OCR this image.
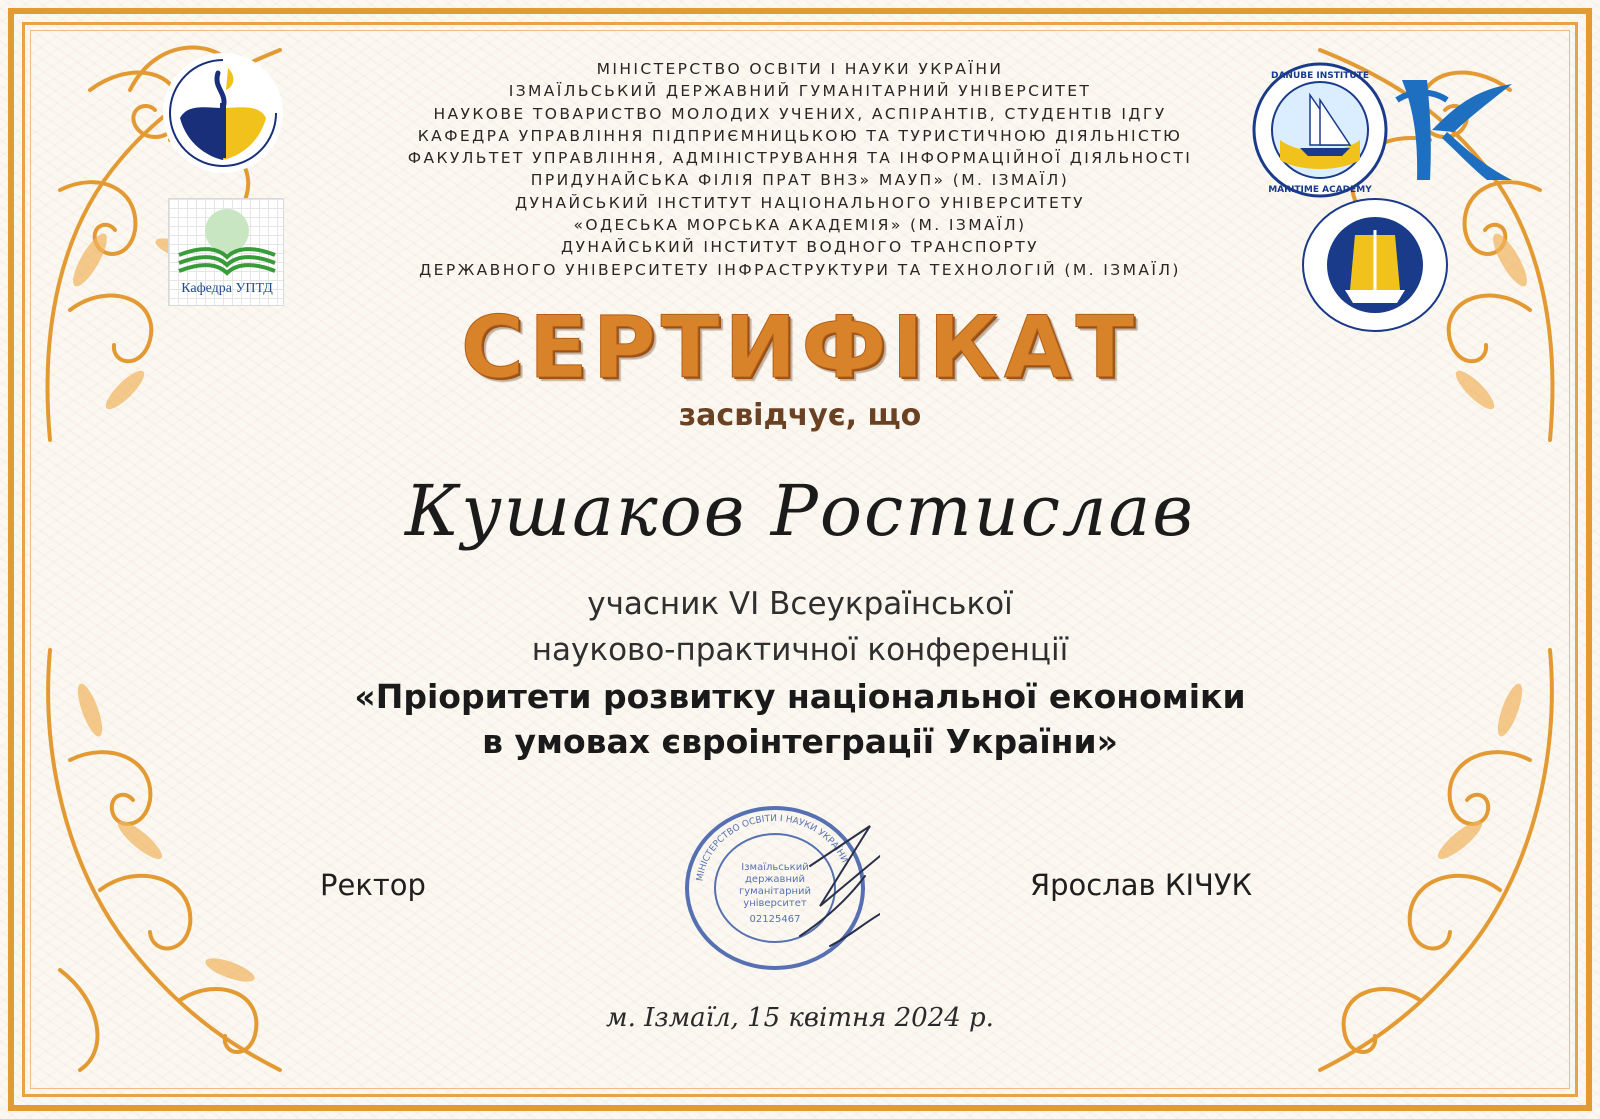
Кафедра УПТД
DANUBE INSTITUTE
MARITIME ACADEMY
МІНІСТЕРСТВО ОСВІТИ І НАУКИ УКРАЇНИ
ІЗМАЇЛЬСЬКИЙ ДЕРЖАВНИЙ ГУМАНІТАРНИЙ УНІВЕРСИТЕТ
НАУКОВЕ ТОВАРИСТВО МОЛОДИХ УЧЕНИХ, АСПІРАНТІВ, СТУДЕНТІВ ІДГУ
КАФЕДРА УПРАВЛІННЯ ПІДПРИЄМНИЦЬКОЮ ТА ТУРИСТИЧНОЮ ДІЯЛЬНІСТЮ
ФАКУЛЬТЕТ УПРАВЛІННЯ, АДМІНІСТРУВАННЯ ТА ІНФОРМАЦІЙНОЇ ДІЯЛЬНОСТІ
ПРИДУНАЙСЬКА ФІЛІЯ ПРАТ ВНЗ» МАУП» (М. ІЗМАЇЛ)
ДУНАЙСЬКИЙ ІНСТИТУТ НАЦІОНАЛЬНОГО УНІВЕРСИТЕТУ
«ОДЕСЬКА МОРСЬКА АКАДЕМІЯ» (М. ІЗМАЇЛ)
ДУНАЙСЬКИЙ ІНСТИТУТ ВОДНОГО ТРАНСПОРТУ
ДЕРЖАВНОГО УНІВЕРСИТЕТУ ІНФРАСТРУКТУРИ ТА ТЕХНОЛОГІЙ (М. ІЗМАЇЛ)
СЕРТИФІКАТ
засвідчує, що
Кушаков Ростислав
учасник VI Всеукраїнської
науково-практичної конференції
«Пріоритети розвитку національної економіки
в умовах євроінтеграції України»
Ректор	Ярослав КІЧУК
Ізмаїльський
державний
гуманітарний
університет
02125467
МІНІСТЕРСТВО ОСВІТИ І НАУКИ УКРАЇНИ
м. Ізмаїл, 15 квітня 2024 р.
